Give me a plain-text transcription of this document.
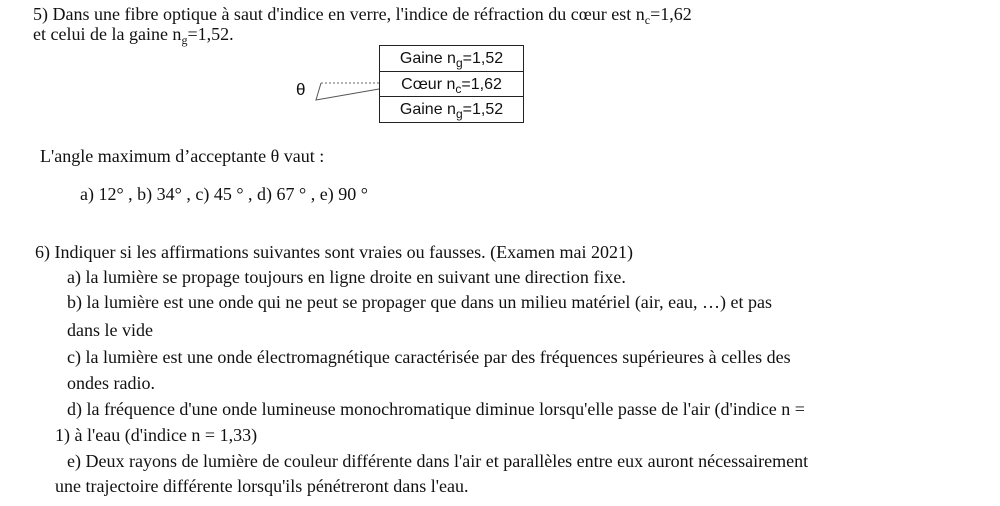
5) Dans une fibre optique à saut d'indice en verre, l'indice de réfraction du cœur est $n_c=1,62$
et celui de la gaine $n_g=1,52$.
θ
Gaine $n_g=1,52$
Cœur $n_c=1,62$
Gaine $n_g=1,52$
L'angle maximum d’acceptante θ vaut :
a) 12° , b) 34° , c) 45 ° , d) 67 ° , e) 90 °
6) Indiquer si les affirmations suivantes sont vraies ou fausses. (Examen mai 2021)
a) la lumière se propage toujours en ligne droite en suivant une direction fixe.
b) la lumière est une onde qui ne peut se propager que dans un milieu matériel (air, eau, …) et pas
dans le vide
c) la lumière est une onde électromagnétique caractérisée par des fréquences supérieures à celles des
ondes radio.
d) la fréquence d'une onde lumineuse monochromatique diminue lorsqu'elle passe de l'air (d'indice n =
1) à l'eau (d'indice n = 1,33)
e) Deux rayons de lumière de couleur différente dans l'air et parallèles entre eux auront nécessairement
une trajectoire différente lorsqu'ils pénétreront dans l'eau.
